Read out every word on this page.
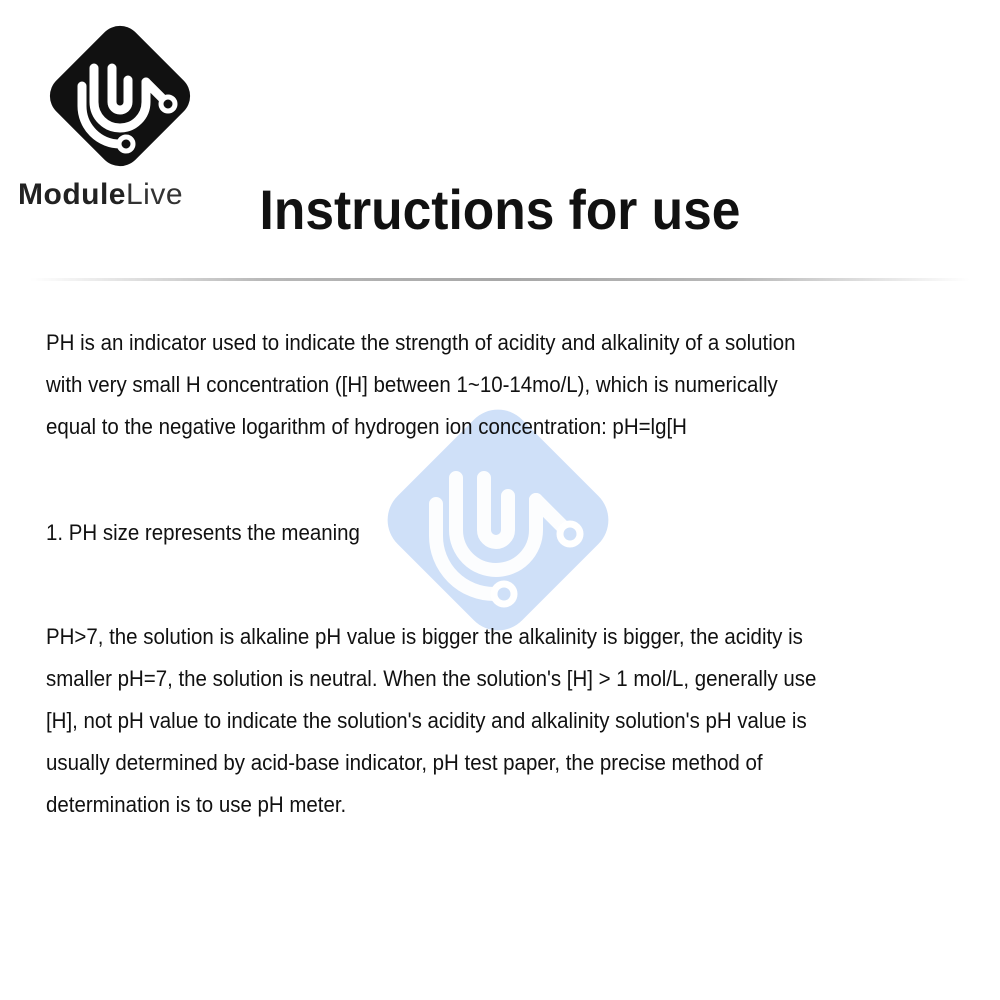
ModuleLive	Instructions for use
PH is an indicator used to indicate the strength of acidity and alkalinity of a solution
with very small H concentration ([H] between 1~10-14mo/L), which is numerically
equal to the negative logarithm of hydrogen ion concentration: pH=lg[H
1. PH size represents the meaning
PH>7, the solution is alkaline pH value is bigger the alkalinity is bigger, the acidity is
smaller pH=7, the solution is neutral. When the solution's [H] > 1 mol/L, generally use
[H], not pH value to indicate the solution's acidity and alkalinity solution's pH value is
usually determined by acid-base indicator, pH test paper, the precise method of
determination is to use pH meter.
